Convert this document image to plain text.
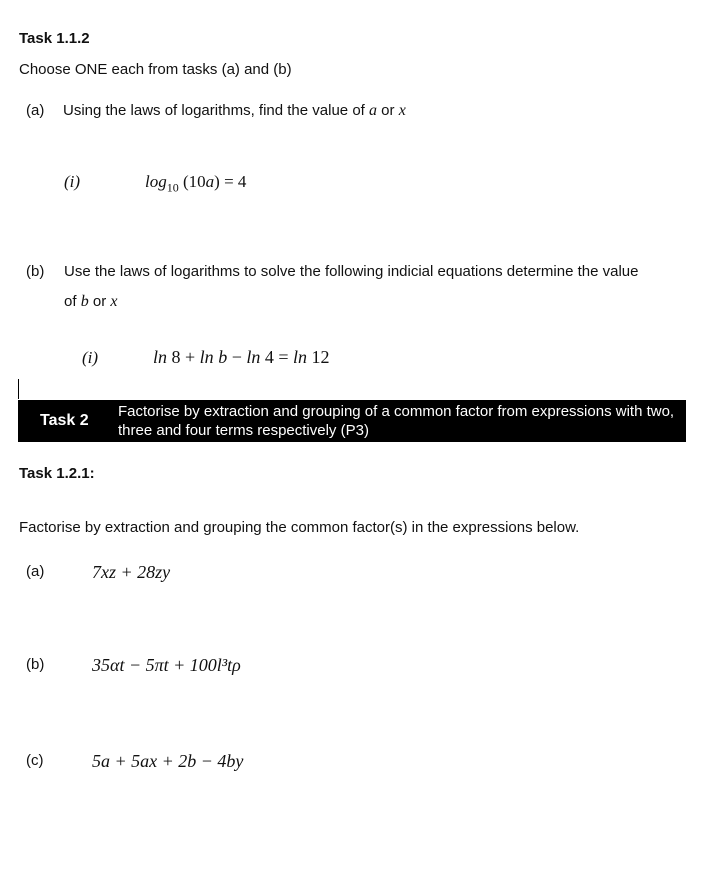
Task 1.1.2
Choose ONE each from tasks (a) and (b)
(a) Using the laws of logarithms, find the value of a or x
(i)	$\log_{10} (10a) = 4$
(b) Use the laws of logarithms to solve the following indicial equations determine the value
of b or x
(i)	ln 8 + ln b − ln 4 = ln 12
Task 2
Factorise by extraction and grouping of a common factor from expressions with two, three and four terms respectively (P3)
Task 1.2.1:
Factorise by extraction and grouping the common factor(s) in the expressions below.
(a)	7xz + 28zy
(b)	35αt − 5πt + 100l³tρ
(c)	5a + 5ax + 2b − 4by
